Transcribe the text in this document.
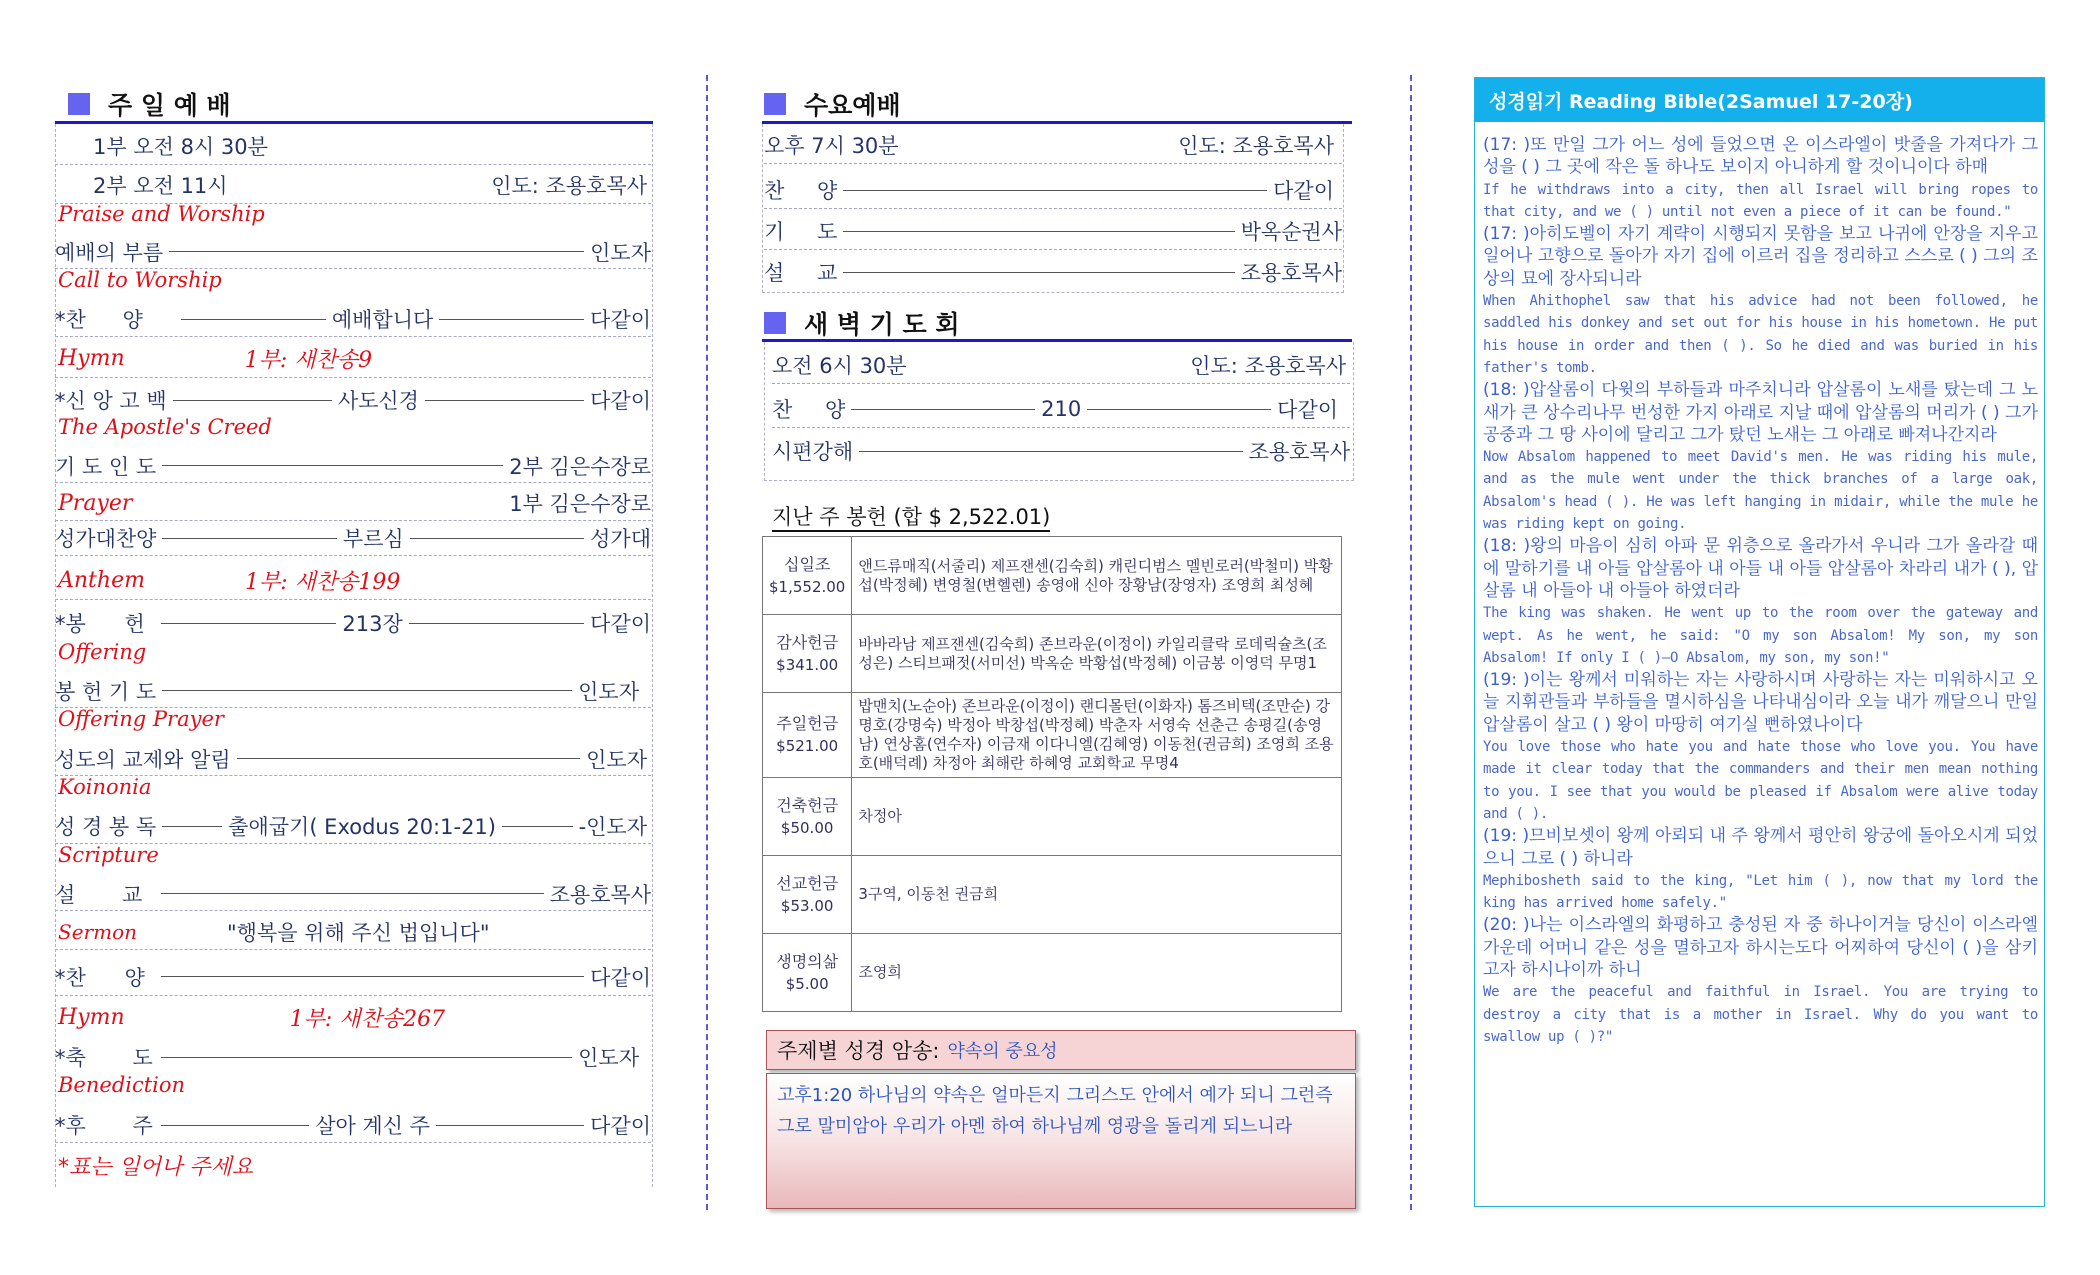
주 일 예 배
1부 오전 8시 30분
2부 오전 11시	인도: 조용호목사
Praise and Worship
예배의 부름	인도자
Call to Worship
*찬 양	예배합니다	다같이
Hymn	1부: 새찬송9
*신 앙 고 백	사도신경	다같이
The Apostle's Creed
기 도 인 도	2부 김은수장로
Prayer	1부 김은수장로
성가대찬양	부르심	성가대
Anthem	1부: 새찬송199
*봉 헌	213장	다같이
Offering
봉 헌 기 도	인도자
Offering Prayer
성도의 교제와 알림	인도자
Koinonia
성 경 봉 독	출애굽기( Exodus 20:1-21)	-인도자
Scripture
설 교	조용호목사
Sermon	"행복을 위해 주신 법입니다"
*찬 양	다같이
Hymn	1부: 새찬송267
*축 도	인도자
Benediction
*후 주	살아 계신 주	다같이
*표는 일어나 주세요
수요예배
오후 7시 30분	인도: 조용호목사
찬 양	다같이
기 도	박옥순권사
설 교	조용호목사
새 벽 기 도 회
오전 6시 30분	인도: 조용호목사
찬 양	210	다같이
시편강해	조용호목사
지난 주 봉헌 (합 $ 2,522.01)
십일조
$1,552.00	앤드류매직(서줄리) 제프잰센(김숙희) 캐린디범스 멜빈로러(박철미) 박황섭(박정혜) 변영철(변헬렌) 송영애 신아 장황남(장영자) 조영희 최성혜

감사헌금
$341.00	바바라남 제프잰센(김숙희) 존브라운(이정이) 카일리클락 로데릭슐츠(조성은) 스티브패젓(서미선) 박옥순 박황섭(박정혜) 이금봉 이영덕 무명1

주일헌금
$521.00	밥맨치(노순아) 존브라운(이정이) 랜디몰턴(이화자) 톰즈비텍(조만순) 강명호(강명숙) 박정아 박창섭(박정혜) 박춘자 서영숙 선춘근 송평길(송영남) 연상홈(연수자) 이금재 이다니엘(김혜영) 이동천(권금희) 조영희 조용호(배덕례) 차정아 최해란 하혜영 교회학교 무명4

건축헌금
$50.00	차정아

선교헌금
$53.00	3구역, 이동천 권금희

생명의삶
$5.00	조영희
주제별 성경 암송: 약속의 중요성
고후1:20 하나님의 약속은 얼마든지 그리스도 안에서 예가 되니 그런즉 그로 말미암아 우리가 아멘 하여 하나님께 영광을 돌리게 되느니라
성경읽기 Reading Bible(2Samuel 17-20장)
(17: )또 만일 그가 어느 성에 들었으면 온 이스라엘이 밧줄을 가져다가 그 성을 ( ) 그 곳에 작은 돌 하나도 보이지 아니하게 할 것이니이다 하매
If he withdraws into a city, then all Israel will bring ropes to that city, and we ( ) until not even a piece of it can be found."
(17: )아히도벨이 자기 계략이 시행되지 못함을 보고 나귀에 안장을 지우고 일어나 고향으로 돌아가 자기 집에 이르러 집을 정리하고 스스로 ( ) 그의 조상의 묘에 장사되니라
When Ahithophel saw that his advice had not been followed, he saddled his donkey and set out for his house in his hometown. He put his house in order and then ( ). So he died and was buried in his father's tomb.
(18: )압살롬이 다윗의 부하들과 마주치니라 압살롬이 노새를 탔는데 그 노새가 큰 상수리나무 번성한 가지 아래로 지날 때에 압살롬의 머리가 ( ) 그가 공중과 그 땅 사이에 달리고 그가 탔던 노새는 그 아래로 빠져나간지라
Now Absalom happened to meet David's men. He was riding his mule, and as the mule went under the thick branches of a large oak, Absalom's head ( ). He was left hanging in midair, while the mule he was riding kept on going.
(18: )왕의 마음이 심히 아파 문 위층으로 올라가서 우니라 그가 올라갈 때에 말하기를 내 아들 압살롬아 내 아들 내 아들 압살롬아 차라리 내가 ( ), 압살롬 내 아들아 내 아들아 하였더라
The king was shaken. He went up to the room over the gateway and wept. As he went, he said: "O my son Absalom! My son, my son Absalom! If only I ( )—O Absalom, my son, my son!"
(19: )이는 왕께서 미워하는 자는 사랑하시며 사랑하는 자는 미워하시고 오늘 지휘관들과 부하들을 멸시하심을 나타내심이라 오늘 내가 깨달으니 만일 압살롬이 살고 ( ) 왕이 마땅히 여기실 뻔하였나이다
You love those who hate you and hate those who love you. You have made it clear today that the commanders and their men mean nothing to you. I see that you would be pleased if Absalom were alive today and ( ).
(19: )므비보셋이 왕께 아뢰되 내 주 왕께서 평안히 왕궁에 돌아오시게 되었으니 그로 ( ) 하니라
Mephibosheth said to the king, "Let him ( ), now that my lord the king has arrived home safely."
(20: )나는 이스라엘의 화평하고 충성된 자 중 하나이거늘 당신이 이스라엘 가운데 어머니 같은 성을 멸하고자 하시는도다 어찌하여 당신이 ( )을 삼키고자 하시나이까 하니
We are the peaceful and faithful in Israel. You are trying to destroy a city that is a mother in Israel. Why do you want to swallow up ( )?"
